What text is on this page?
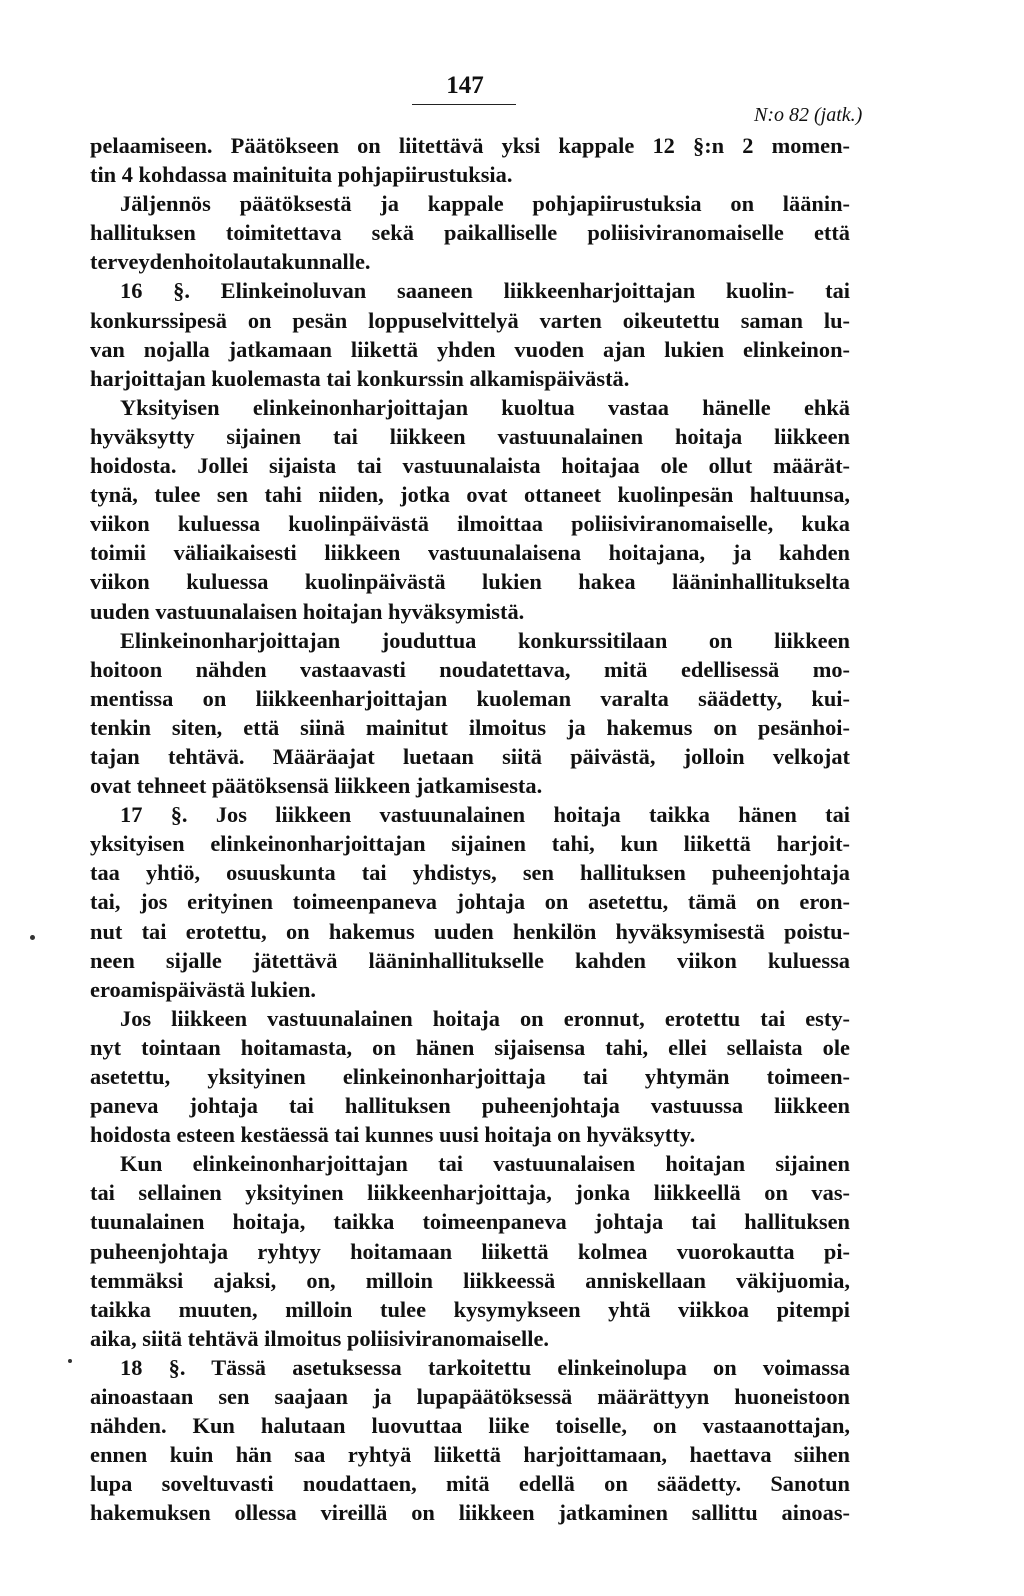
147
N:o 82 (jatk.)
pelaamiseen. Päätökseen on liitettävä yksi kappale 12 §:n 2 momen-
tin 4 kohdassa mainituita pohjapiirustuksia.
Jäljennös päätöksestä ja kappale pohjapiirustuksia on läänin-
hallituksen toimitettava sekä paikalliselle poliisiviranomaiselle että
terveydenhoitolautakunnalle.
16 §. Elinkeinoluvan saaneen liikkeenharjoittajan kuolin- tai
konkurssipesä on pesän loppuselvittelyä varten oikeutettu saman lu-
van nojalla jatkamaan liikettä yhden vuoden ajan lukien elinkeinon-
harjoittajan kuolemasta tai konkurssin alkamispäivästä.
Yksityisen elinkeinonharjoittajan kuoltua vastaa hänelle ehkä
hyväksytty sijainen tai liikkeen vastuunalainen hoitaja liikkeen
hoidosta. Jollei sijaista tai vastuunalaista hoitajaa ole ollut määrät-
tynä, tulee sen tahi niiden, jotka ovat ottaneet kuolinpesän haltuunsa,
viikon kuluessa kuolinpäivästä ilmoittaa poliisiviranomaiselle, kuka
toimii väliaikaisesti liikkeen vastuunalaisena hoitajana, ja kahden
viikon kuluessa kuolinpäivästä lukien hakea lääninhallitukselta
uuden vastuunalaisen hoitajan hyväksymistä.
Elinkeinonharjoittajan jouduttua konkurssitilaan on liikkeen
hoitoon nähden vastaavasti noudatettava, mitä edellisessä mo-
mentissa on liikkeenharjoittajan kuoleman varalta säädetty, kui-
tenkin siten, että siinä mainitut ilmoitus ja hakemus on pesänhoi-
tajan tehtävä. Määräajat luetaan siitä päivästä, jolloin velkojat
ovat tehneet päätöksensä liikkeen jatkamisesta.
17 §. Jos liikkeen vastuunalainen hoitaja taikka hänen tai
yksityisen elinkeinonharjoittajan sijainen tahi, kun liikettä harjoit-
taa yhtiö, osuuskunta tai yhdistys, sen hallituksen puheenjohtaja
tai, jos erityinen toimeenpaneva johtaja on asetettu, tämä on eron-
nut tai erotettu, on hakemus uuden henkilön hyväksymisestä poistu-
neen sijalle jätettävä lääninhallitukselle kahden viikon kuluessa
eroamispäivästä lukien.
Jos liikkeen vastuunalainen hoitaja on eronnut, erotettu tai esty-
nyt tointaan hoitamasta, on hänen sijaisensa tahi, ellei sellaista ole
asetettu, yksityinen elinkeinonharjoittaja tai yhtymän toimeen-
paneva johtaja tai hallituksen puheenjohtaja vastuussa liikkeen
hoidosta esteen kestäessä tai kunnes uusi hoitaja on hyväksytty.
Kun elinkeinonharjoittajan tai vastuunalaisen hoitajan sijainen
tai sellainen yksityinen liikkeenharjoittaja, jonka liikkeellä on vas-
tuunalainen hoitaja, taikka toimeenpaneva johtaja tai hallituksen
puheenjohtaja ryhtyy hoitamaan liikettä kolmea vuorokautta pi-
temmäksi ajaksi, on, milloin liikkeessä anniskellaan väkijuomia,
taikka muuten, milloin tulee kysymykseen yhtä viikkoa pitempi
aika, siitä tehtävä ilmoitus poliisiviranomaiselle.
18 §. Tässä asetuksessa tarkoitettu elinkeinolupa on voimassa
ainoastaan sen saajaan ja lupapäätöksessä määrättyyn huoneistoon
nähden. Kun halutaan luovuttaa liike toiselle, on vastaanottajan,
ennen kuin hän saa ryhtyä liikettä harjoittamaan, haettava siihen
lupa soveltuvasti noudattaen, mitä edellä on säädetty. Sanotun
hakemuksen ollessa vireillä on liikkeen jatkaminen sallittu ainoas-
